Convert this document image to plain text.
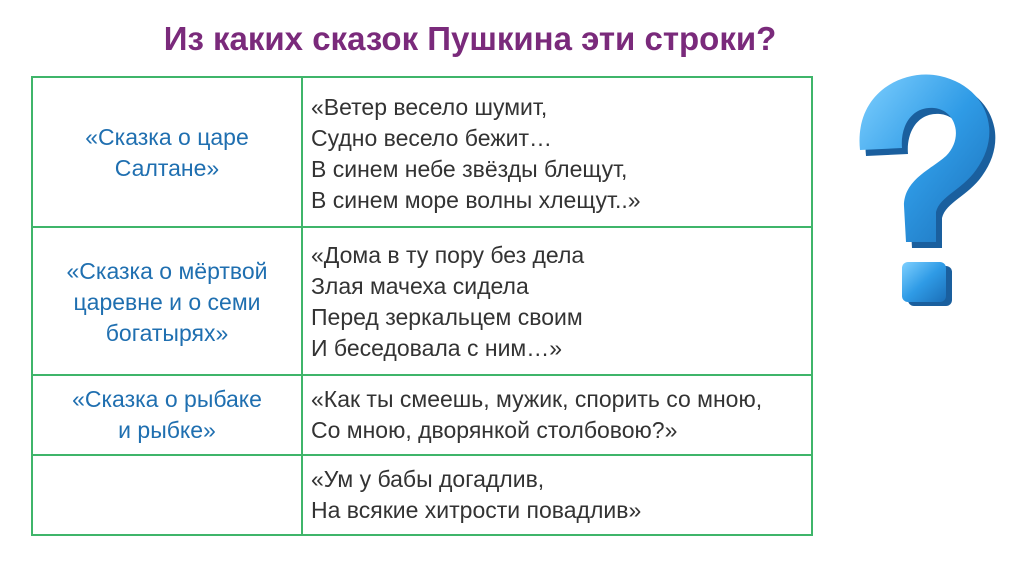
Из каких сказок Пушкина эти строки?
«Сказка о царе
Салтане»	«Ветер весело шумит,
Судно весело бежит…
В синем небе звёзды блещут,
В синем море волны хлещут..»

«Сказка о мёртвой
царевне и о семи
богатырях»	«Дома в ту пору без дела
Злая мачеха сидела
Перед зеркальцем своим
И беседовала с ним…»

«Сказка о рыбаке
и рыбке»	«Как ты смеешь, мужик, спорить со мною,
Со мною, дворянкой столбовою?»

	«Ум у бабы догадлив,
На всякие хитрости повадлив»
